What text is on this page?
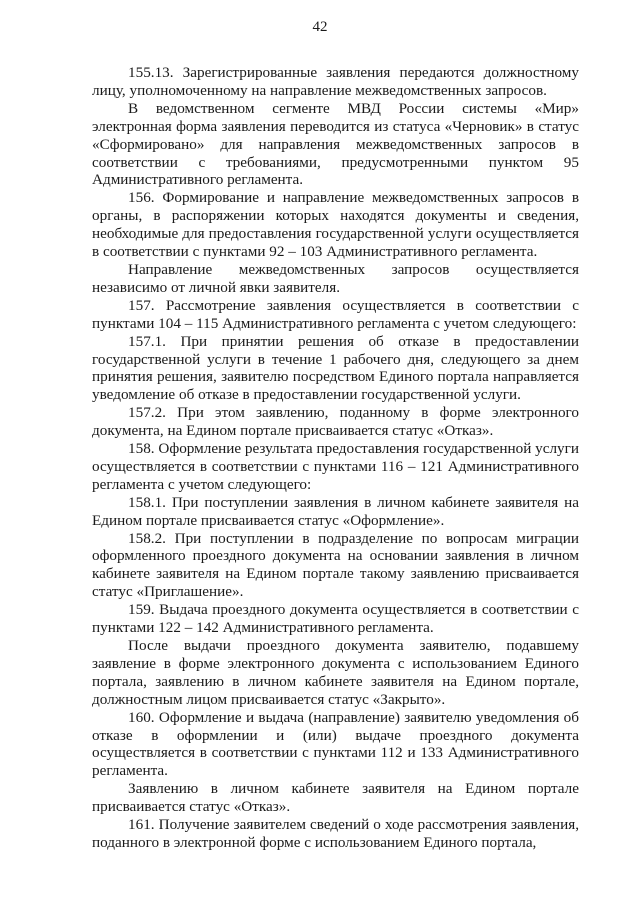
42

155.13. Зарегистрированные заявления передаются должностному лицу, уполномоченному на направление межведомственных запросов.

В ведомственном сегменте МВД России системы «Мир» электронная форма заявления переводится из статуса «Черновик» в статус «Сформировано» для направления межведомственных запросов в соответствии с требованиями, предусмотренными пунктом 95 Административного регламента.

156. Формирование и направление межведомственных запросов в органы, в распоряжении которых находятся документы и сведения, необходимые для предоставления государственной услуги осуществляется в соответствии с пунктами 92 – 103 Административного регламента.

Направление межведомственных запросов осуществляется независимо от личной явки заявителя.

157. Рассмотрение заявления осуществляется в соответствии с пунктами 104 – 115 Административного регламента с учетом следующего:

157.1. При принятии решения об отказе в предоставлении государственной услуги в течение 1 рабочего дня, следующего за днем принятия решения, заявителю посредством Единого портала направляется уведомление об отказе в предоставлении государственной услуги.

157.2. При этом заявлению, поданному в форме электронного документа, на Едином портале присваивается статус «Отказ».

158. Оформление результата предоставления государственной услуги осуществляется в соответствии с пунктами 116 – 121 Административного регламента с учетом следующего:

158.1. При поступлении заявления в личном кабинете заявителя на Едином портале присваивается статус «Оформление».

158.2. При поступлении в подразделение по вопросам миграции оформленного проездного документа на основании заявления в личном кабинете заявителя на Едином портале такому заявлению присваивается статус «Приглашение».

159. Выдача проездного документа осуществляется в соответствии с пунктами 122 – 142 Административного регламента.

После выдачи проездного документа заявителю, подавшему заявление в форме электронного документа с использованием Единого портала, заявлению в личном кабинете заявителя на Едином портале, должностным лицом присваивается статус «Закрыто».

160. Оформление и выдача (направление) заявителю уведомления об отказе в оформлении и (или) выдаче проездного документа осуществляется в соответствии с пунктами 112 и 133 Административного регламента.

Заявлению в личном кабинете заявителя на Едином портале присваивается статус «Отказ».

161. Получение заявителем сведений о ходе рассмотрения заявления, поданного в электронной форме с использованием Единого портала,
